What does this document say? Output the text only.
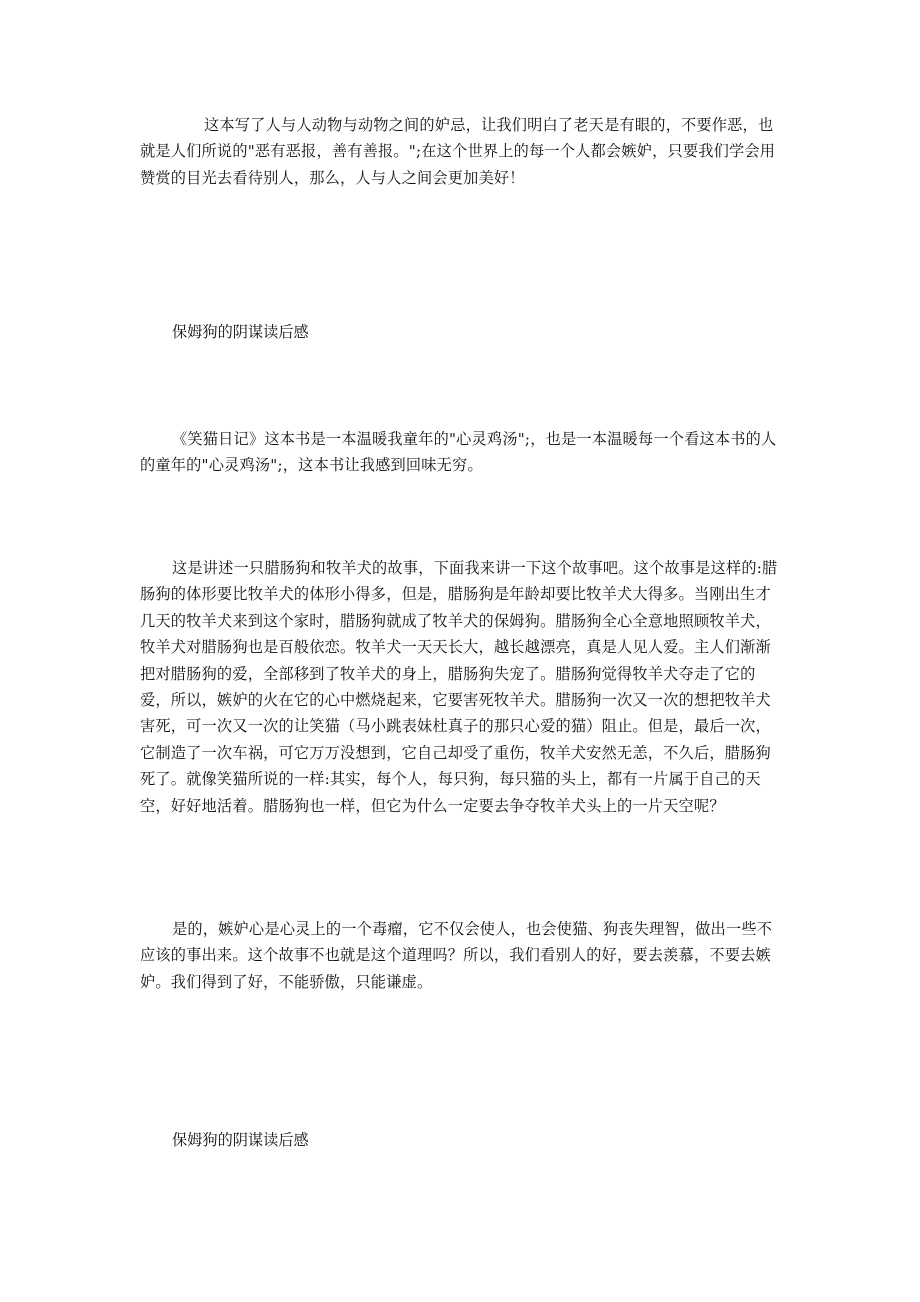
这本写了人与人动物与动物之间的妒忌，让我们明白了老天是有眼的，不要作恶，也就是人们所说的"恶有恶报，善有善报。";在这个世界上的每一个人都会嫉妒，只要我们学会用赞赏的目光去看待别人，那么，人与人之间会更加美好！

保姆狗的阴谋读后感

《笑猫日记》这本书是一本温暖我童年的"心灵鸡汤";，也是一本温暖每一个看这本书的人的童年的"心灵鸡汤";，这本书让我感到回味无穷。

这是讲述一只腊肠狗和牧羊犬的故事，下面我来讲一下这个故事吧。这个故事是这样的:腊肠狗的体形要比牧羊犬的体形小得多，但是，腊肠狗是年龄却要比牧羊犬大得多。当刚出生才几天的牧羊犬来到这个家时，腊肠狗就成了牧羊犬的保姆狗。腊肠狗全心全意地照顾牧羊犬，牧羊犬对腊肠狗也是百般依恋。牧羊犬一天天长大，越长越漂亮，真是人见人爱。主人们渐渐把对腊肠狗的爱，全部移到了牧羊犬的身上，腊肠狗失宠了。腊肠狗觉得牧羊犬夺走了它的爱，所以，嫉妒的火在它的心中燃烧起来，它要害死牧羊犬。腊肠狗一次又一次的想把牧羊犬害死，可一次又一次的让笑猫（马小跳表妹杜真子的那只心爱的猫）阻止。但是，最后一次，它制造了一次车祸，可它万万没想到，它自己却受了重伤，牧羊犬安然无恙，不久后，腊肠狗死了。就像笑猫所说的一样:其实，每个人，每只狗，每只猫的头上，都有一片属于自己的天空，好好地活着。腊肠狗也一样，但它为什么一定要去争夺牧羊犬头上的一片天空呢？

是的，嫉妒心是心灵上的一个毒瘤，它不仅会使人，也会使猫、狗丧失理智，做出一些不应该的事出来。这个故事不也就是这个道理吗？所以，我们看别人的好，要去羡慕，不要去嫉妒。我们得到了好，不能骄傲，只能谦虚。

保姆狗的阴谋读后感
